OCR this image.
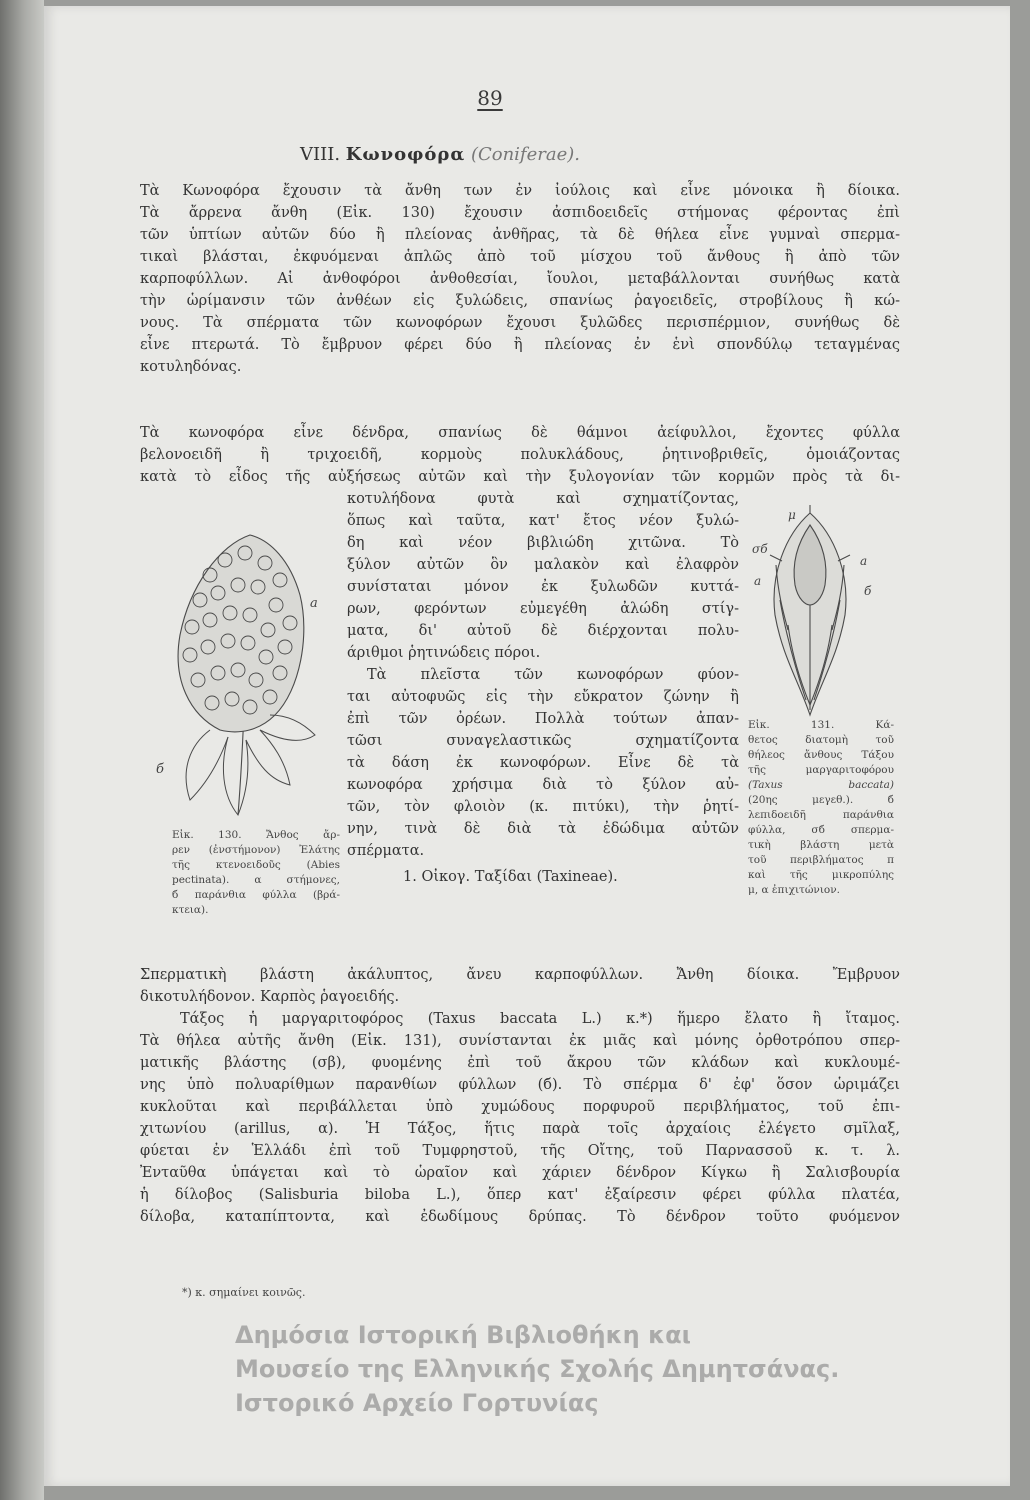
89
VIII. Κωνοφόρα (Coniferae).
Τὰ Κωνοφόρα ἔχουσιν τὰ ἄνθη των ἐν ἰούλοις καὶ εἶνε μόνοικα ἢ δίοικα.
Τὰ ἄρρενα ἄνθη (Εἰκ. 130) ἔχουσιν ἀσπιδοειδεῖς στήμονας φέροντας ἐπὶ
τῶν ὑπτίων αὐτῶν δύο ἢ πλείονας ἀνθῆρας, τὰ δὲ θήλεα εἶνε γυμναὶ σπερμα-
τικαὶ βλάσται, ἐκφυόμεναι ἁπλῶς ἀπὸ τοῦ μίσχου τοῦ ἄνθους ἢ ἀπὸ τῶν
καρποφύλλων. Αἱ ἀνθοφόροι ἀνθοθεσίαι, ἴουλοι, μεταβάλλονται συνήθως κατὰ
τὴν ὡρίμανσιν τῶν ἀνθέων εἰς ξυλώδεις, σπανίως ῥαγοειδεῖς, στροβίλους ἢ κώ-
νους. Τὰ σπέρματα τῶν κωνοφόρων ἔχουσι ξυλῶδες περισπέρμιον, συνήθως δὲ
εἶνε πτερωτά. Τὸ ἔμβρυον φέρει δύο ἢ πλείονας ἐν ἑνὶ σπονδύλῳ τεταγμένας
κοτυληδόνας.
Τὰ κωνοφόρα εἶνε δένδρα, σπανίως δὲ θάμνοι ἀείφυλλοι, ἔχοντες φύλλα
βελονοειδῆ ἢ τριχοειδῆ, κορμοὺς πολυκλάδους, ῥητινοβριθεῖς, ὁμοιάζοντας
κατὰ τὸ εἶδος τῆς αὐξήσεως αὐτῶν καὶ τὴν ξυλογονίαν τῶν κορμῶν πρὸς τὰ δι-
κοτυλήδονα φυτὰ καὶ σχηματίζοντας,
ὅπως καὶ ταῦτα, κατ' ἔτος νέον ξυλώ-
δη καὶ νέον βιβλιώδη χιτῶνα. Τὸ
ξύλον αὐτῶν ὃν μαλακὸν καὶ ἐλαφρὸν
συνίσταται μόνον ἐκ ξυλωδῶν κυττά-
ρων, φερόντων εὐμεγέθη ἀλώδη στίγ-
ματα, δι' αὐτοῦ δὲ διέρχονται πολυ-
άριθμοι ῥητινώδεις πόροι.
Τὰ πλεῖστα τῶν κωνοφόρων φύον-
ται αὐτοφυῶς εἰς τὴν εὔκρατον ζώνην ἢ
ἐπὶ τῶν ὀρέων. Πολλὰ τούτων ἀπαν-
τῶσι συναγελαστικῶς σχηματίζοντα
τὰ δάση ἐκ κωνοφόρων. Εἶνε δὲ τὰ
κωνοφόρα χρήσιμα διὰ τὸ ξύλον αὐ-
τῶν, τὸν φλοιὸν (κ. πιτύκι), τὴν ῥητί-
νην, τινὰ δὲ διὰ τὰ ἐδώδιμα αὐτῶν
σπέρματα.
1. Οἰκογ. Ταξίδαι (Taxineae).
a
б
μ
σб
a
a
б
Εἰκ. 130. Ἄνθος ἄρ-
ρεν (ἐνστήμονον) Ἐλάτης
τῆς κτενοειδοῦς (Abies
pectinata). α στήμονες,
б παράνθια φύλλα (βρά-
κτεια).
Εἰκ. 131. Κά-
θετος διατομὴ τοῦ
θήλεος ἄνθους Τάξου
τῆς μαργαριτοφόρου
(Taxus baccata)
(20ης μεγεθ.). б
λεπιδοειδῆ παράνθια
φύλλα, σб σπερμα-
τικὴ βλάστη μετὰ
τοῦ περιβλήματος π
καὶ τῆς μικροπύλης
μ, α ἐπιχιτώνιον.
Σπερματικὴ βλάστη ἀκάλυπτος, ἄνευ καρποφύλλων. Ἄνθη δίοικα. Ἔμβρυον
δικοτυλήδονον. Καρπὸς ῥαγοειδής.
Τάξος ἡ μαργαριτοφόρος (Taxus baccata L.) κ.*) ἥμερο ἔλατο ἢ ἴταμος.
Τὰ θήλεα αὐτῆς ἄνθη (Εἰκ. 131), συνίστανται ἐκ μιᾶς καὶ μόνης ὀρθοτρόπου σπερ-
ματικῆς βλάστης (σβ), φυομένης ἐπὶ τοῦ ἄκρου τῶν κλάδων καὶ κυκλουμέ-
νης ὑπὸ πολυαρίθμων παρανθίων φύλλων (б). Τὸ σπέρμα δ' ἐφ' ὅσον ὡριμάζει
κυκλοῦται καὶ περιβάλλεται ὑπὸ χυμώδους πορφυροῦ περιβλήματος, τοῦ ἐπι-
χιτωνίου (arillus, α). Ἡ Τάξος, ἥτις παρὰ τοῖς ἀρχαίοις ἐλέγετο σμῖλαξ,
φύεται ἐν Ἑλλάδι ἐπὶ τοῦ Τυμφρηστοῦ, τῆς Οἴτης, τοῦ Παρνασσοῦ κ. τ. λ.
Ἐνταῦθα ὑπάγεται καὶ τὸ ὡραῖον καὶ χάριεν δένδρον Κίγκω ἢ Σαλισβουρία
ἡ δίλοβος (Salisburia biloba L.), ὅπερ κατ' ἐξαίρεσιν φέρει φύλλα πλατέα,
δίλοβα, καταπίπτοντα, καὶ ἐδωδίμους δρύπας. Τὸ δένδρον τοῦτο φυόμενον
*) κ. σημαίνει κοινῶς.
Δημόσια Ιστορική Βιβλιοθήκη και
Μουσείο της Ελληνικής Σχολής Δημητσάνας.
Ιστορικό Αρχείο Γορτυνίας
